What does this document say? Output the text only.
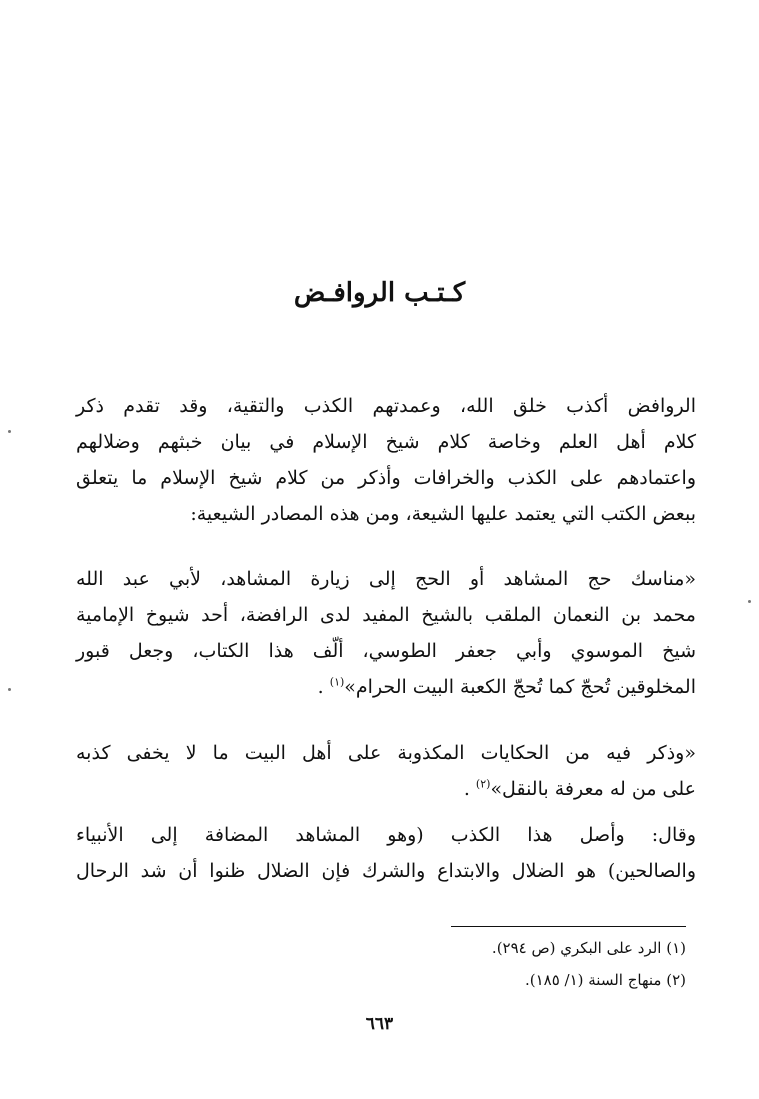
كـتـب الروافـض
الروافض أكذب خلق الله، وعمدتهم الكذب والتقية، وقد تقدم ذكر
كلام أهل العلم وخاصة كلام شيخ الإسلام في بيان خبثهم وضلالهم
واعتمادهم على الكذب والخرافات وأذكر من كلام شيخ الإسلام ما يتعلق
ببعض الكتب التي يعتمد عليها الشيعة، ومن هذه المصادر الشيعية:
«مناسك حج المشاهد أو الحج إلى زيارة المشاهد، لأبي عبد الله
محمد بن النعمان الملقب بالشيخ المفيد لدى الرافضة، أحد شيوخ الإمامية
شيخ الموسوي وأبي جعفر الطوسي، ألّف هذا الكتاب، وجعل قبور
المخلوقين تُحجّ كما تُحجّ الكعبة البيت الحرام»$^{(١)}$ .
«وذكر فيه من الحكايات المكذوبة على أهل البيت ما لا يخفى كذبه
على من له معرفة بالنقل»$^{(٢)}$ .
وقال: وأصل هذا الكذب (وهو المشاهد المضافة إلى الأنبياء
والصالحين) هو الضلال والابتداع والشرك فإن الضلال ظنوا أن شد الرحال
(١) الرد على البكري (ص ٢٩٤).
(٢) منهاج السنة (١/ ١٨٥).
٦٦٣
